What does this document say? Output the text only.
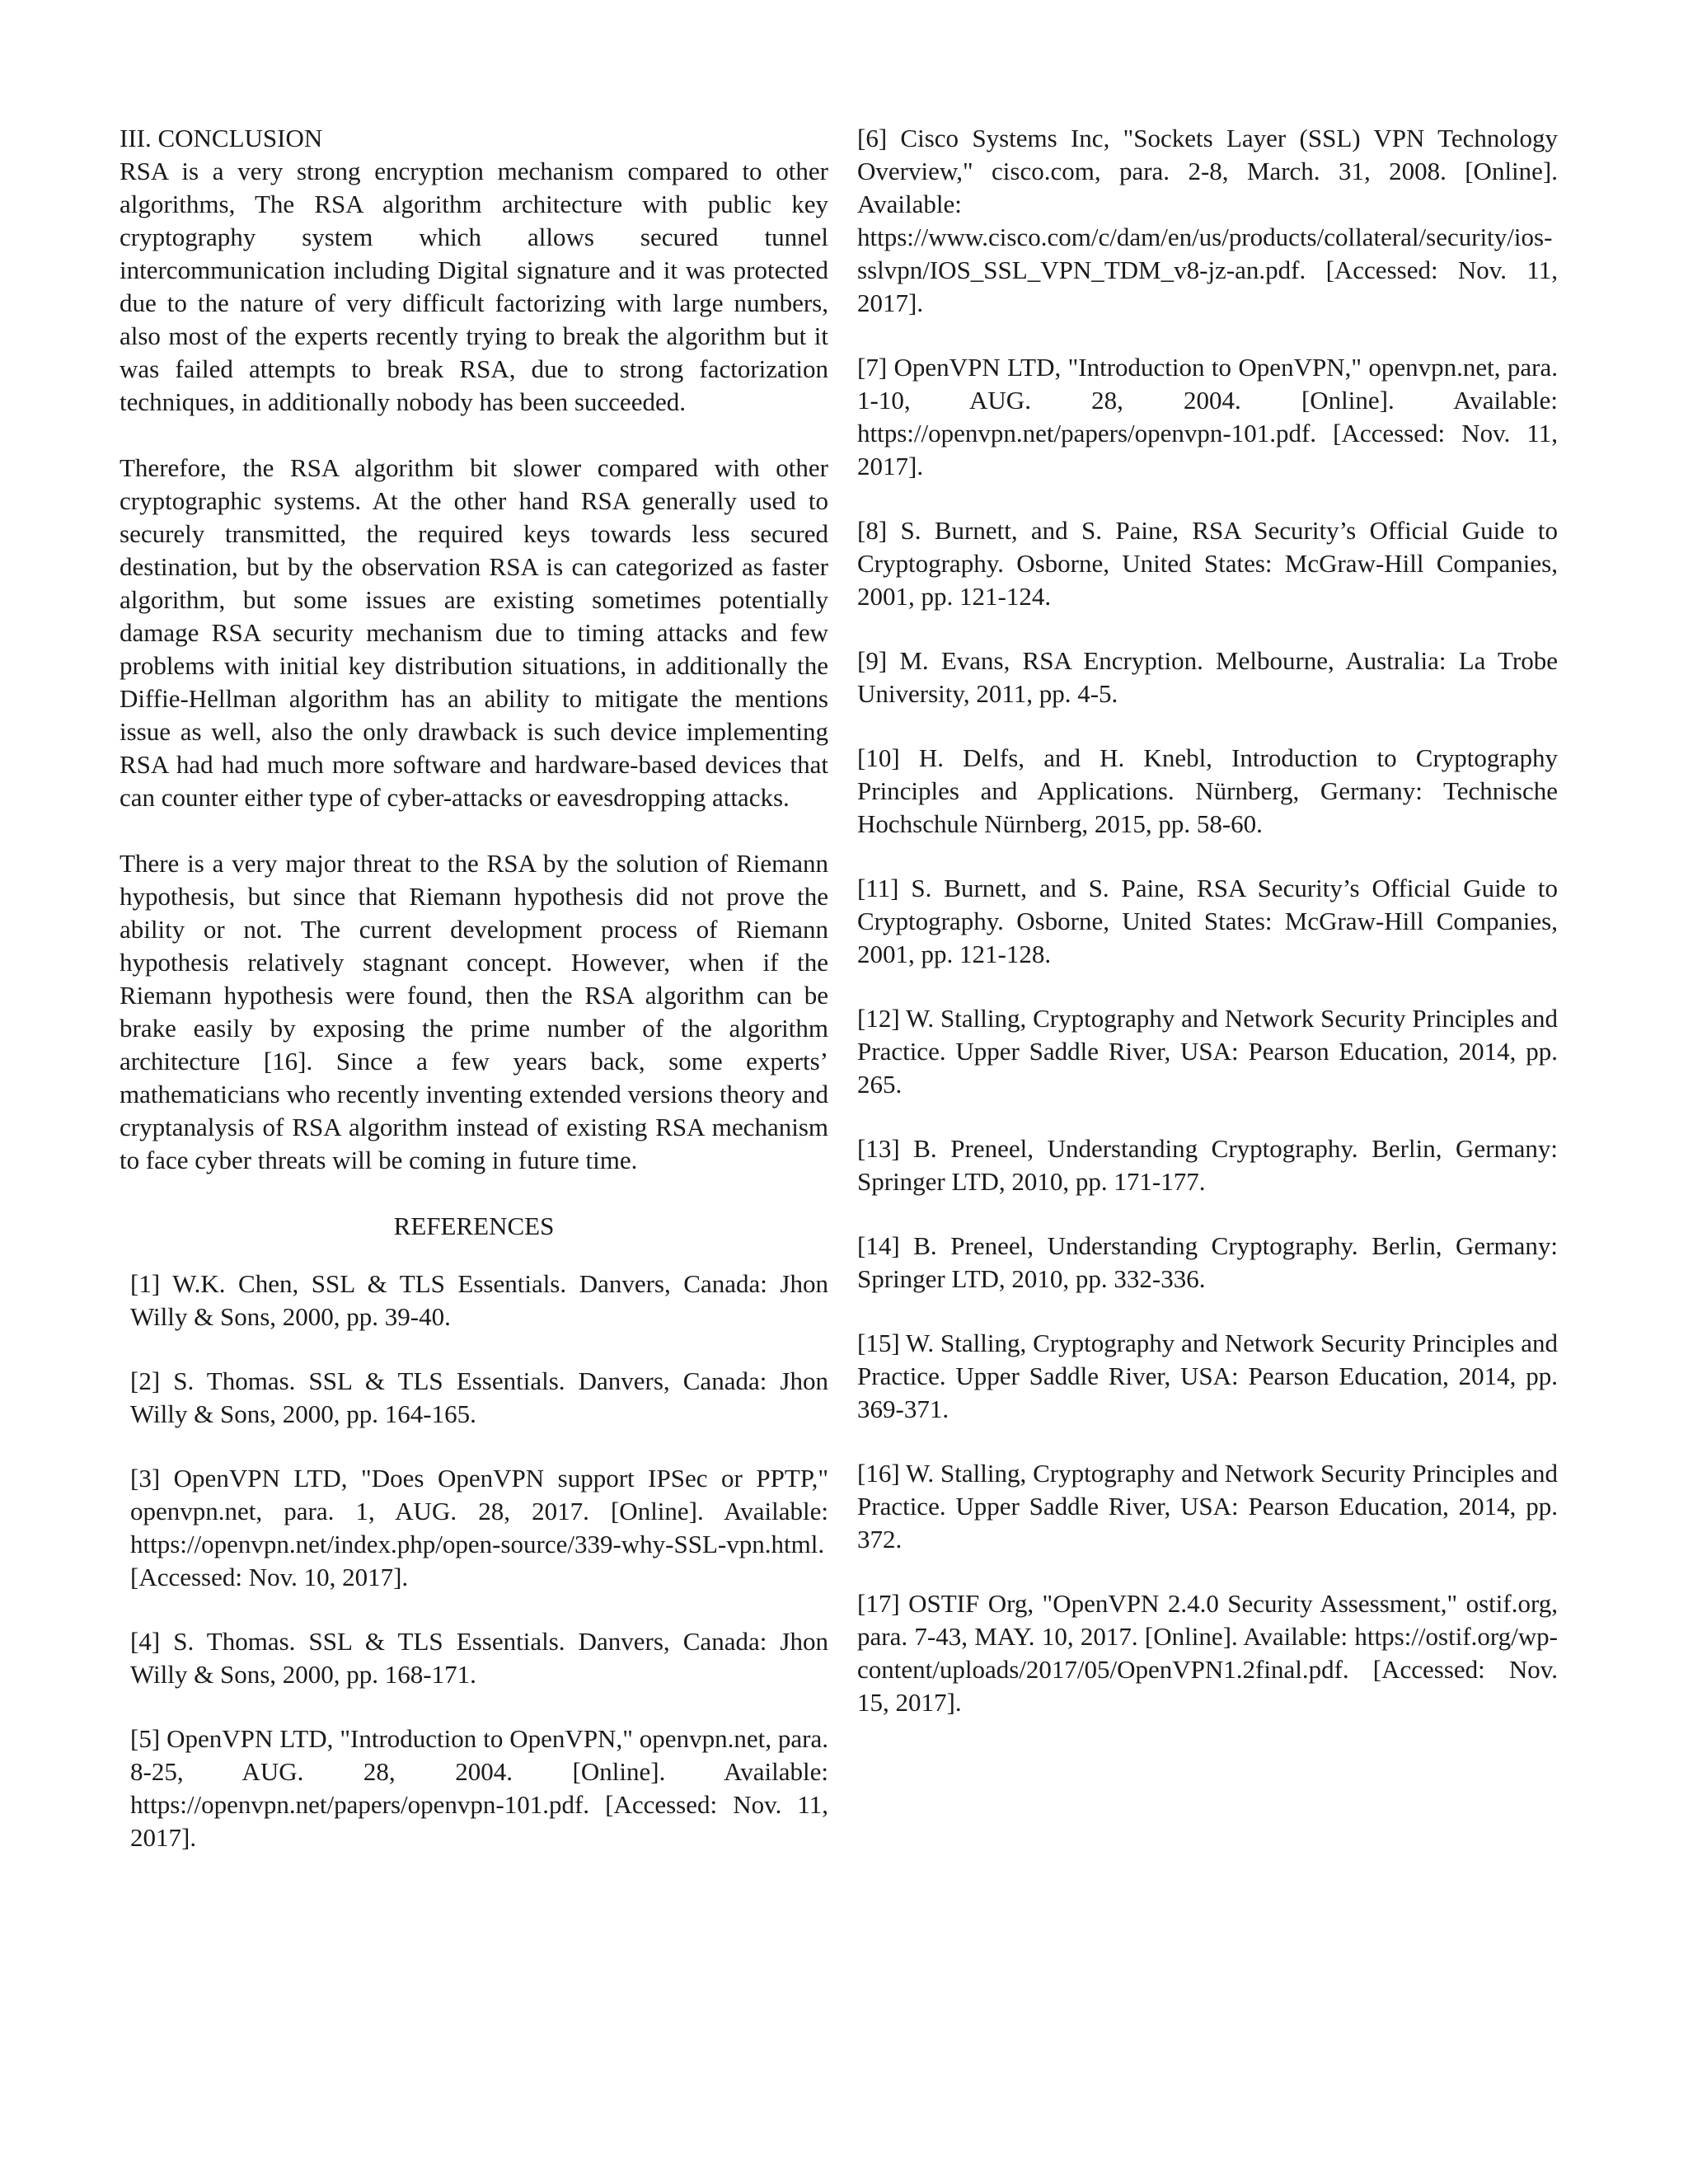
III. CONCLUSION

RSA is a very strong encryption mechanism compared to other algorithms, The RSA algorithm architecture with public key cryptography system which allows secured tunnel intercommunication including Digital signature and it was protected due to the nature of very difficult factorizing with large numbers, also most of the experts recently trying to break the algorithm but it was failed attempts to break RSA, due to strong factorization techniques, in additionally nobody has been succeeded.

Therefore, the RSA algorithm bit slower compared with other cryptographic systems. At the other hand RSA generally used to securely transmitted, the required keys towards less secured destination, but by the observation RSA is can categorized as faster algorithm, but some issues are existing sometimes potentially damage RSA security mechanism due to timing attacks and few problems with initial key distribution situations, in additionally the Diffie-Hellman algorithm has an ability to mitigate the mentions issue as well, also the only drawback is such device implementing RSA had had much more software and hardware-based devices that can counter either type of cyber-attacks or eavesdropping attacks.

There is a very major threat to the RSA by the solution of Riemann hypothesis, but since that Riemann hypothesis did not prove the ability or not. The current development process of Riemann hypothesis relatively stagnant concept. However, when if the Riemann hypothesis were found, then the RSA algorithm can be brake easily by exposing the prime number of the algorithm architecture [16]. Since a few years back, some experts’ mathematicians who recently inventing extended versions theory and cryptanalysis of RSA algorithm instead of existing RSA mechanism to face cyber threats will be coming in future time.

REFERENCES
[1] W.K. Chen, SSL & TLS Essentials. Danvers, Canada: Jhon Willy & Sons, 2000, pp. 39-40.
[2] S. Thomas. SSL & TLS Essentials. Danvers, Canada: Jhon Willy & Sons, 2000, pp. 164-165.
[3] OpenVPN LTD, "Does OpenVPN support IPSec or PPTP," openvpn.net, para. 1, AUG. 28, 2017. [Online]. Available: https://openvpn.net/index.php/open-source/339-why-SSL-vpn.html. [Accessed: Nov. 10, 2017].
[4] S. Thomas. SSL & TLS Essentials. Danvers, Canada: Jhon Willy & Sons, 2000, pp. 168-171.
[5] OpenVPN LTD, "Introduction to OpenVPN," openvpn.net, para. 8-25, AUG. 28, 2004. [Online]. Available: https://openvpn.net/papers/openvpn-101.pdf. [Accessed: Nov. 11, 2017].
[6] Cisco Systems Inc, "Sockets Layer (SSL) VPN Technology Overview," cisco.com, para. 2-8, March. 31, 2008. [Online]. Available: https://www.cisco.com/c/dam/en/us/products/collateral/security/ios-sslvpn/IOS_SSL_VPN_TDM_v8-jz-an.pdf. [Accessed: Nov. 11, 2017].
[7] OpenVPN LTD, "Introduction to OpenVPN," openvpn.net, para. 1-10, AUG. 28, 2004. [Online]. Available: https://openvpn.net/papers/openvpn-101.pdf. [Accessed: Nov. 11, 2017].
[8] S. Burnett, and S. Paine, RSA Security’s Official Guide to Cryptography. Osborne, United States: McGraw-Hill Companies, 2001, pp. 121-124.
[9] M. Evans, RSA Encryption. Melbourne, Australia: La Trobe University, 2011, pp. 4-5.
[10] H. Delfs, and H. Knebl, Introduction to Cryptography Principles and Applications. Nürnberg, Germany: Technische Hochschule Nürnberg, 2015, pp. 58-60.
[11] S. Burnett, and S. Paine, RSA Security’s Official Guide to Cryptography. Osborne, United States: McGraw-Hill Companies, 2001, pp. 121-128.
[12] W. Stalling, Cryptography and Network Security Principles and Practice. Upper Saddle River, USA: Pearson Education, 2014, pp. 265.
[13] B. Preneel, Understanding Cryptography. Berlin, Germany: Springer LTD, 2010, pp. 171-177.
[14] B. Preneel, Understanding Cryptography. Berlin, Germany: Springer LTD, 2010, pp. 332-336.
[15] W. Stalling, Cryptography and Network Security Principles and Practice. Upper Saddle River, USA: Pearson Education, 2014, pp. 369-371.
[16] W. Stalling, Cryptography and Network Security Principles and Practice. Upper Saddle River, USA: Pearson Education, 2014, pp. 372.
[17] OSTIF Org, "OpenVPN 2.4.0 Security Assessment," ostif.org, para. 7-43, MAY. 10, 2017. [Online]. Available: https://ostif.org/wp-content/uploads/2017/05/OpenVPN1.2final.pdf. [Accessed: Nov. 15, 2017].
